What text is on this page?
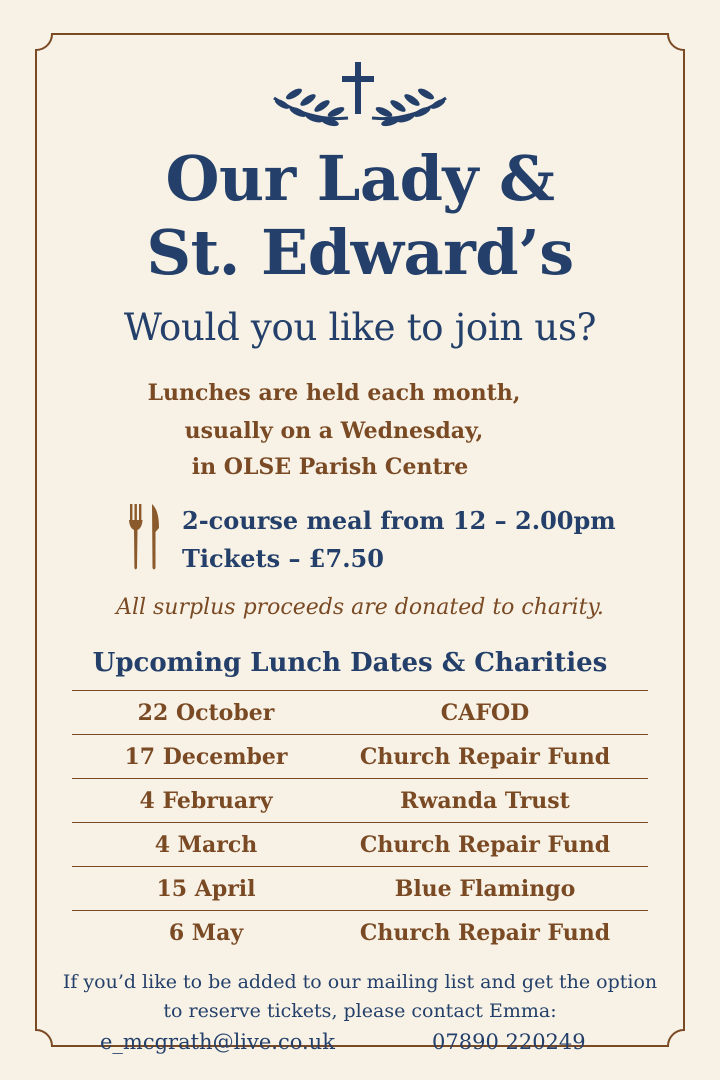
Our Lady &
St. Edward’s
Would you like to join us?
Lunches are held each month,
usually on a Wednesday,
in OLSE Parish Centre
2-course meal from 12 – 2.00pm
Tickets – £7.50
All surplus proceeds are donated to charity.
Upcoming Lunch Dates & Charities
22 October	CAFOD
17 December	Church Repair Fund
4 February	Rwanda Trust
4 March	Church Repair Fund
15 April	Blue Flamingo
6 May	Church Repair Fund
If you’d like to be added to our mailing list and get the option
to reserve tickets, please contact Emma:
e_mcgrath@live.co.uk	07890 220249
